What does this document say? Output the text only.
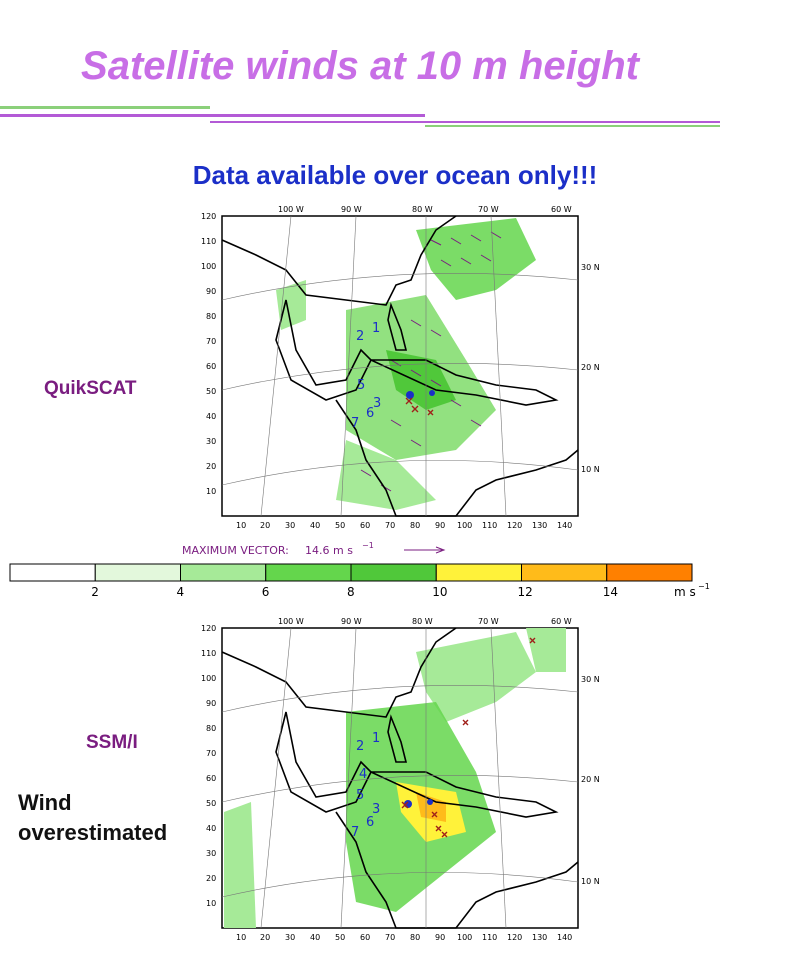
Satellite winds at 10 m height
Data available over ocean only!!!
QuikSCAT
SSM/I
Wind
overestimated
100 W	90 W	80 W	70 W	60 W
30 N
20 N
10 N
120
110
100
90
80
70
60
50
40
30
20
10
10 20 30 40 50 60 70 80 90 100 110 120 130 140
1
2
3
5
6
7
MAXIMUM VECTOR: 14.6 m s −1
2	4	6	8	10	12	14	m s −1
100 W	90 W	80 W	70 W	60 W
30 N
20 N
10 N
120
110
100
90
80
70
60
50
40
30
20
10
10 20 30 40 50 60 70 80 90 100 110 120 130 140
1
2
3
4
5
6
7
